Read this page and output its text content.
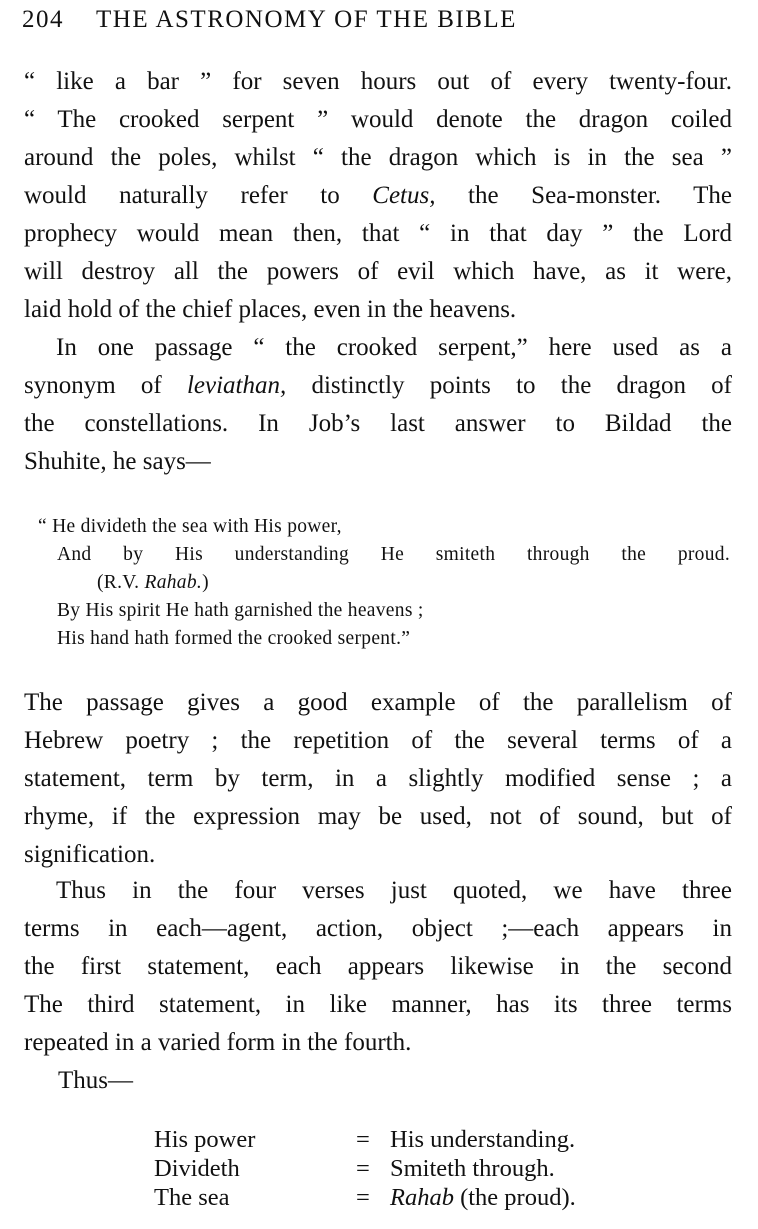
204 THE ASTRONOMY OF THE BIBLE
“ like a bar ” for seven hours out of every twenty-four.
“ The crooked serpent ” would denote the dragon coiled
around the poles, whilst “ the dragon which is in the sea ”
would naturally refer to Cetus, the Sea-monster. The
prophecy would mean then, that “ in that day ” the Lord
will destroy all the powers of evil which have, as it were,
laid hold of the chief places, even in the heavens.
In one passage “ the crooked serpent,” here used as a
synonym of leviathan, distinctly points to the dragon of
the constellations. In Job’s last answer to Bildad the
Shuhite, he says—
“ He divideth the sea with His power,
And by His understanding He smiteth through the proud.
(R.V. Rahab.)
By His spirit He hath garnished the heavens ;
His hand hath formed the crooked serpent.”
The passage gives a good example of the parallelism of
Hebrew poetry ; the repetition of the several terms of a
statement, term by term, in a slightly modified sense ; a
rhyme, if the expression may be used, not of sound, but of
signification.
Thus in the four verses just quoted, we have three
terms in each—agent, action, object ;—each appears in
the first statement, each appears likewise in the second
The third statement, in like manner, has its three terms
repeated in a varied form in the fourth.
Thus—
His power	= His understanding.
Divideth	= Smiteth through.
The sea	= Rahab (the proud).
